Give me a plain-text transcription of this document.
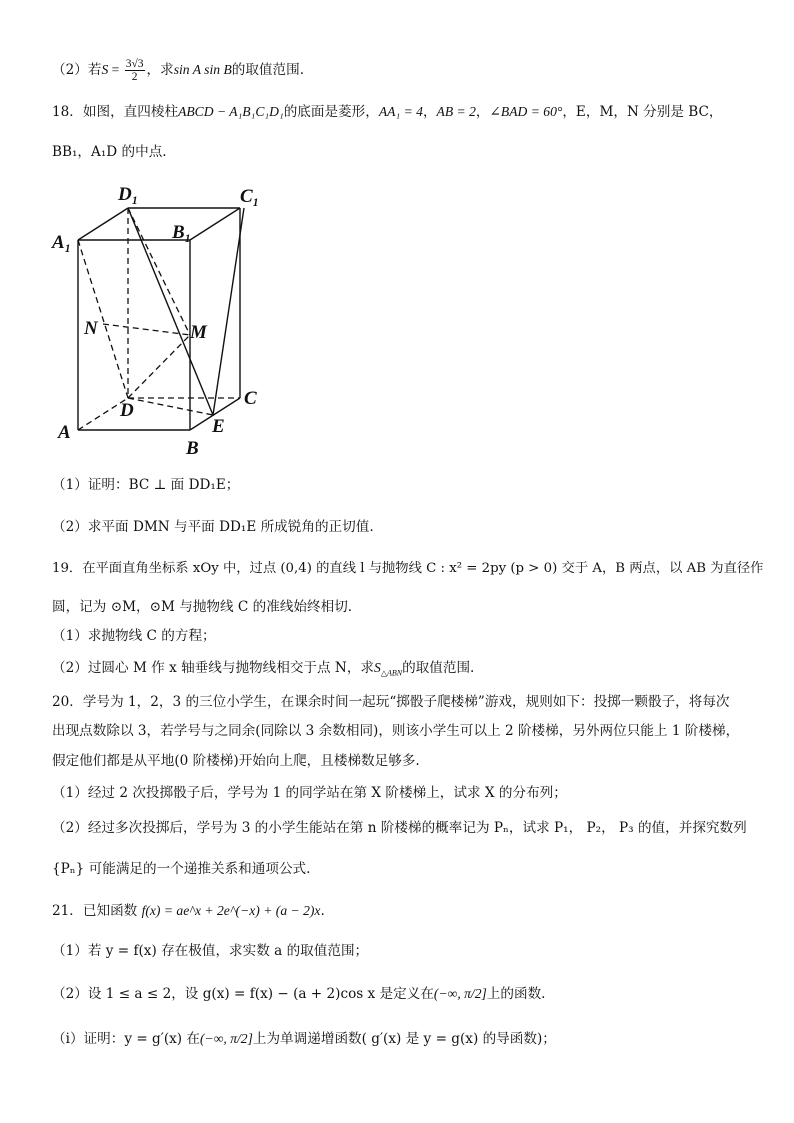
（2）若$S = \frac{3√3}{2}$ ，求sin A sin B的取值范围.
18．如图，直四棱柱ABCD − A₁B₁C₁D₁的底面是菱形，AA₁ = 4，AB = 2，∠BAD = 60°，E，M，N 分别是 BC，
BB₁，A₁D 的中点.
D₁	C₁
A₁	B₁
N	M
D
C
A
B
E
（1）证明：BC ⊥ 面 DD₁E；
（2）求平面 DMN 与平面 DD₁E 所成锐角的正切值.
19．在平面直角坐标系 xOy 中，过点 (0,4) 的直线 l 与抛物线 C : x² = 2py (p > 0) 交于 A，B 两点，以 AB 为直径作
圆，记为 ⊙M，⊙M 与抛物线 C 的准线始终相切.
（1）求抛物线 C 的方程；
（2）过圆心 M 作 x 轴垂线与抛物线相交于点 N，求$S_{\triangle ABN}$的取值范围.
20．学号为 1，2，3 的三位小学生，在课余时间一起玩“掷骰子爬楼梯”游戏，规则如下：投掷一颗骰子，将每次
出现点数除以 3，若学号与之同余(同除以 3 余数相同)，则该小学生可以上 2 阶楼梯，另外两位只能上 1 阶楼梯，
假定他们都是从平地(0 阶楼梯)开始向上爬，且楼梯数足够多.
（1）经过 2 次投掷骰子后，学号为 1 的同学站在第 X 阶楼梯上，试求 X 的分布列；
（2）经过多次投掷后，学号为 3 的小学生能站在第 n 阶楼梯的概率记为 Pₙ，试求 P₁， P₂， P₃ 的值，并探究数列
{Pₙ} 可能满足的一个递推关系和通项公式.
21．已知函数 f(x) = ae^x + 2e^(−x) + (a − 2)x.
（1）若 y = f(x) 存在极值，求实数 a 的取值范围；
（2）设 1 ≤ a ≤ 2，设 g(x) = f(x) − (a + 2)cos x 是定义在(−∞, π/2]上的函数.
（ⅰ）证明：y = g′(x) 在(−∞, π/2]上为单调递增函数( g′(x) 是 y = g(x) 的导函数)；
